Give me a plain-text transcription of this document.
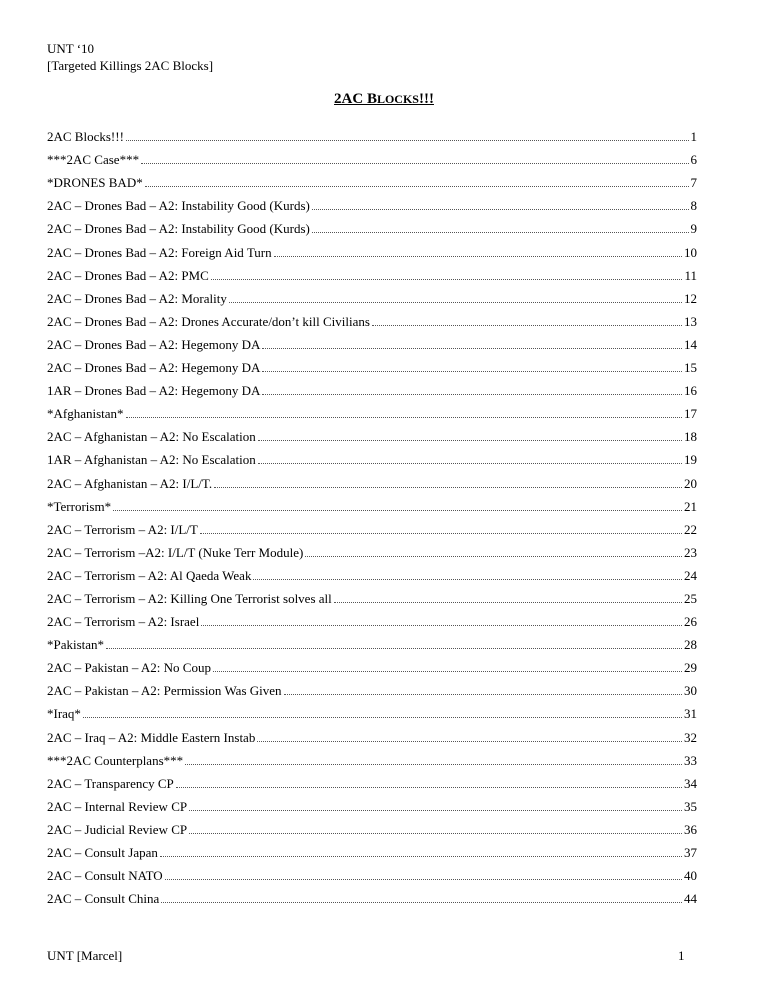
UNT ‘10
[Targeted Killings 2AC Blocks]
2AC BLOCKS!!!
2AC Blocks!!!	1
***2AC Case***	6
*DRONES BAD*	7
2AC – Drones Bad – A2: Instability Good (Kurds)	8
2AC – Drones Bad – A2: Instability Good (Kurds)	9
2AC – Drones Bad – A2: Foreign Aid Turn	10
2AC – Drones Bad – A2: PMC	11
2AC – Drones Bad – A2: Morality	12
2AC – Drones Bad – A2: Drones Accurate/don’t kill Civilians	13
2AC – Drones Bad – A2: Hegemony DA	14
2AC – Drones Bad – A2: Hegemony DA	15
1AR – Drones Bad – A2: Hegemony DA	16
*Afghanistan*	17
2AC – Afghanistan – A2: No Escalation	18
1AR – Afghanistan – A2: No Escalation	19
2AC – Afghanistan – A2: I/L/T.	20
*Terrorism*	21
2AC – Terrorism – A2: I/L/T	22
2AC – Terrorism –A2: I/L/T (Nuke Terr Module)	23
2AC – Terrorism – A2: Al Qaeda Weak	24
2AC – Terrorism – A2: Killing One Terrorist solves all	25
2AC – Terrorism – A2: Israel	26
*Pakistan*	28
2AC – Pakistan – A2: No Coup	29
2AC – Pakistan – A2: Permission Was Given	30
*Iraq*	31
2AC – Iraq – A2: Middle Eastern Instab	32
***2AC Counterplans***	33
2AC – Transparency CP	34
2AC – Internal Review CP	35
2AC – Judicial Review CP	36
2AC – Consult Japan	37
2AC – Consult NATO	40
2AC – Consult China	44
UNT [Marcel]	1
